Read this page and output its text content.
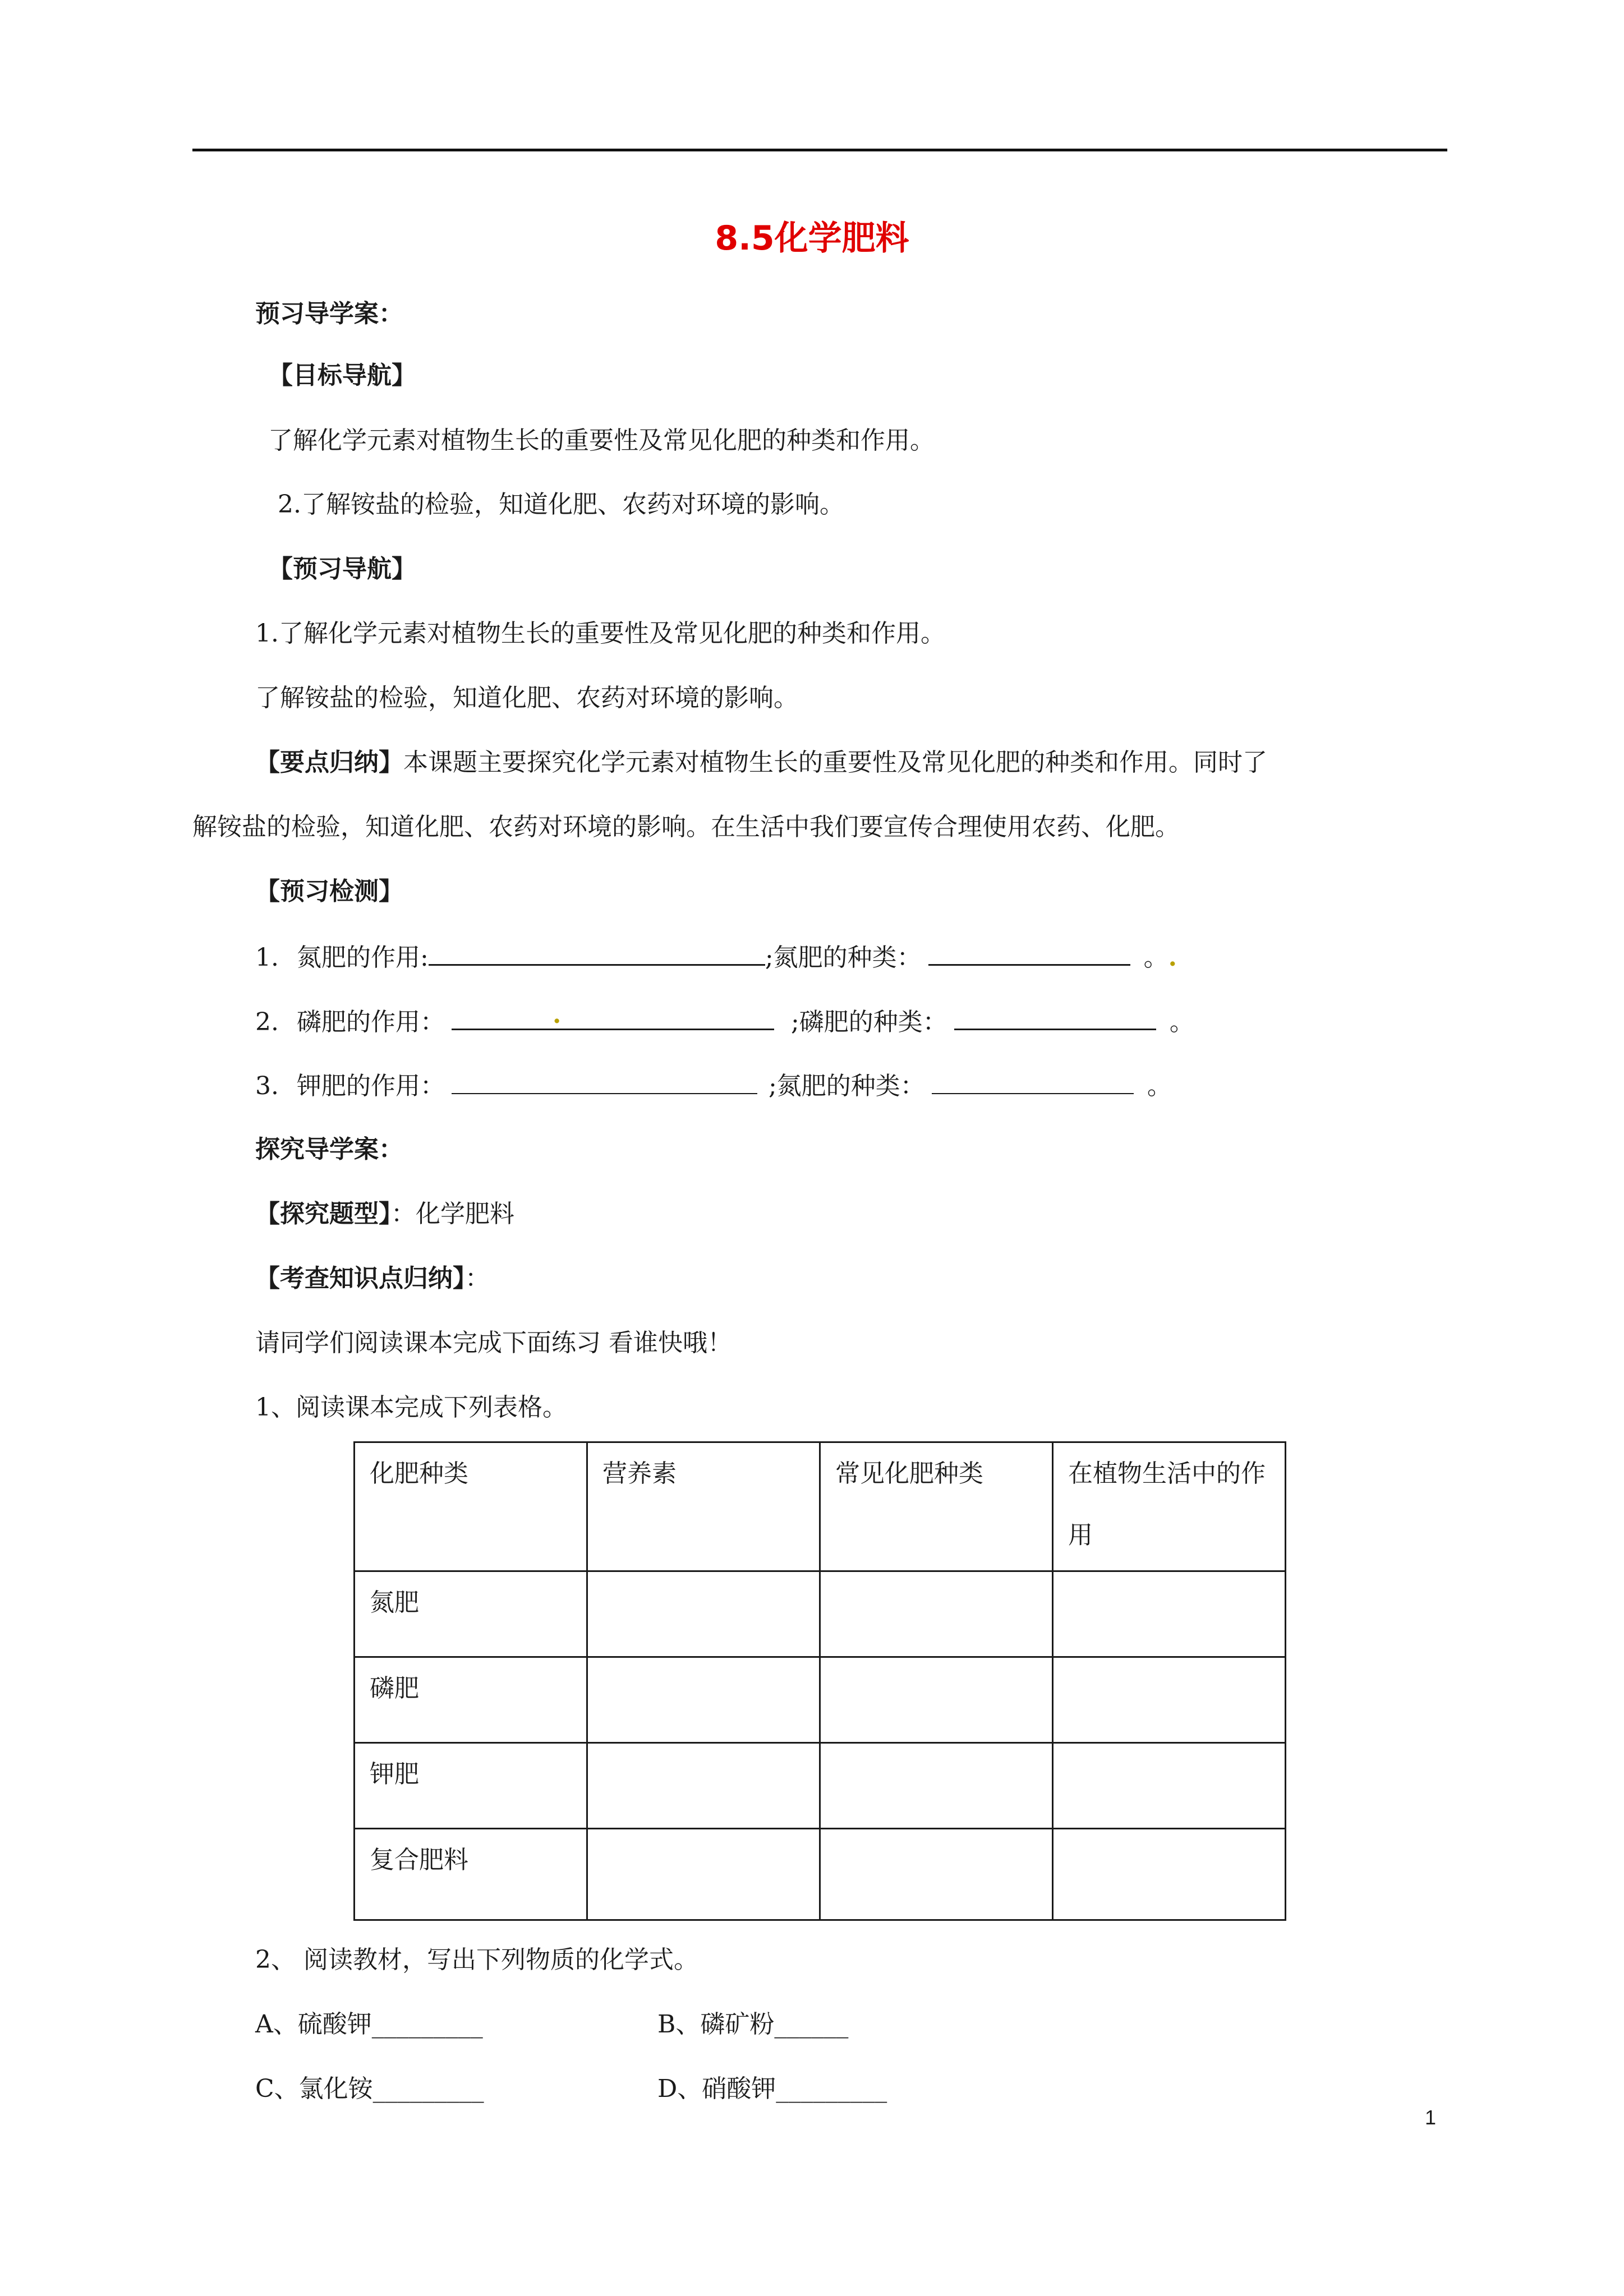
8.5化学肥料
预习导学案：
【目标导航】
了解化学元素对植物生长的重要性及常见化肥的种类和作用。
2.了解铵盐的检验，知道化肥、农药对环境的影响。
【预习导航】
1.了解化学元素对植物生长的重要性及常见化肥的种类和作用。
了解铵盐的检验，知道化肥、农药对环境的影响。
【要点归纳】本课题主要探究化学元素对植物生长的重要性及常见化肥的种类和作用。同时了
解铵盐的检验，知道化肥、农药对环境的影响。在生活中我们要宣传合理使用农药、化肥。
【预习检测】
1. 氮肥的作用:	;氮肥的种类：	。.
2. 磷肥的作用：	.	;磷肥的种类：	。
3. 钾肥的作用：	;氮肥的种类：	。
探究导学案：
【探究题型】：化学肥料
【考查知识点归纳】：
请同学们阅读课本完成下面练习 看谁快哦！
1、阅读课本完成下列表格。
化肥种类	营养素	常见化肥种类	在植物生活中的作用
氮肥			
磷肥			
钾肥			
复合肥料			
2、 阅读教材，写出下列物质的化学式。
A、硫酸钾_________	B、磷矿粉______
C、氯化铵_________	D、硝酸钾_________
1
